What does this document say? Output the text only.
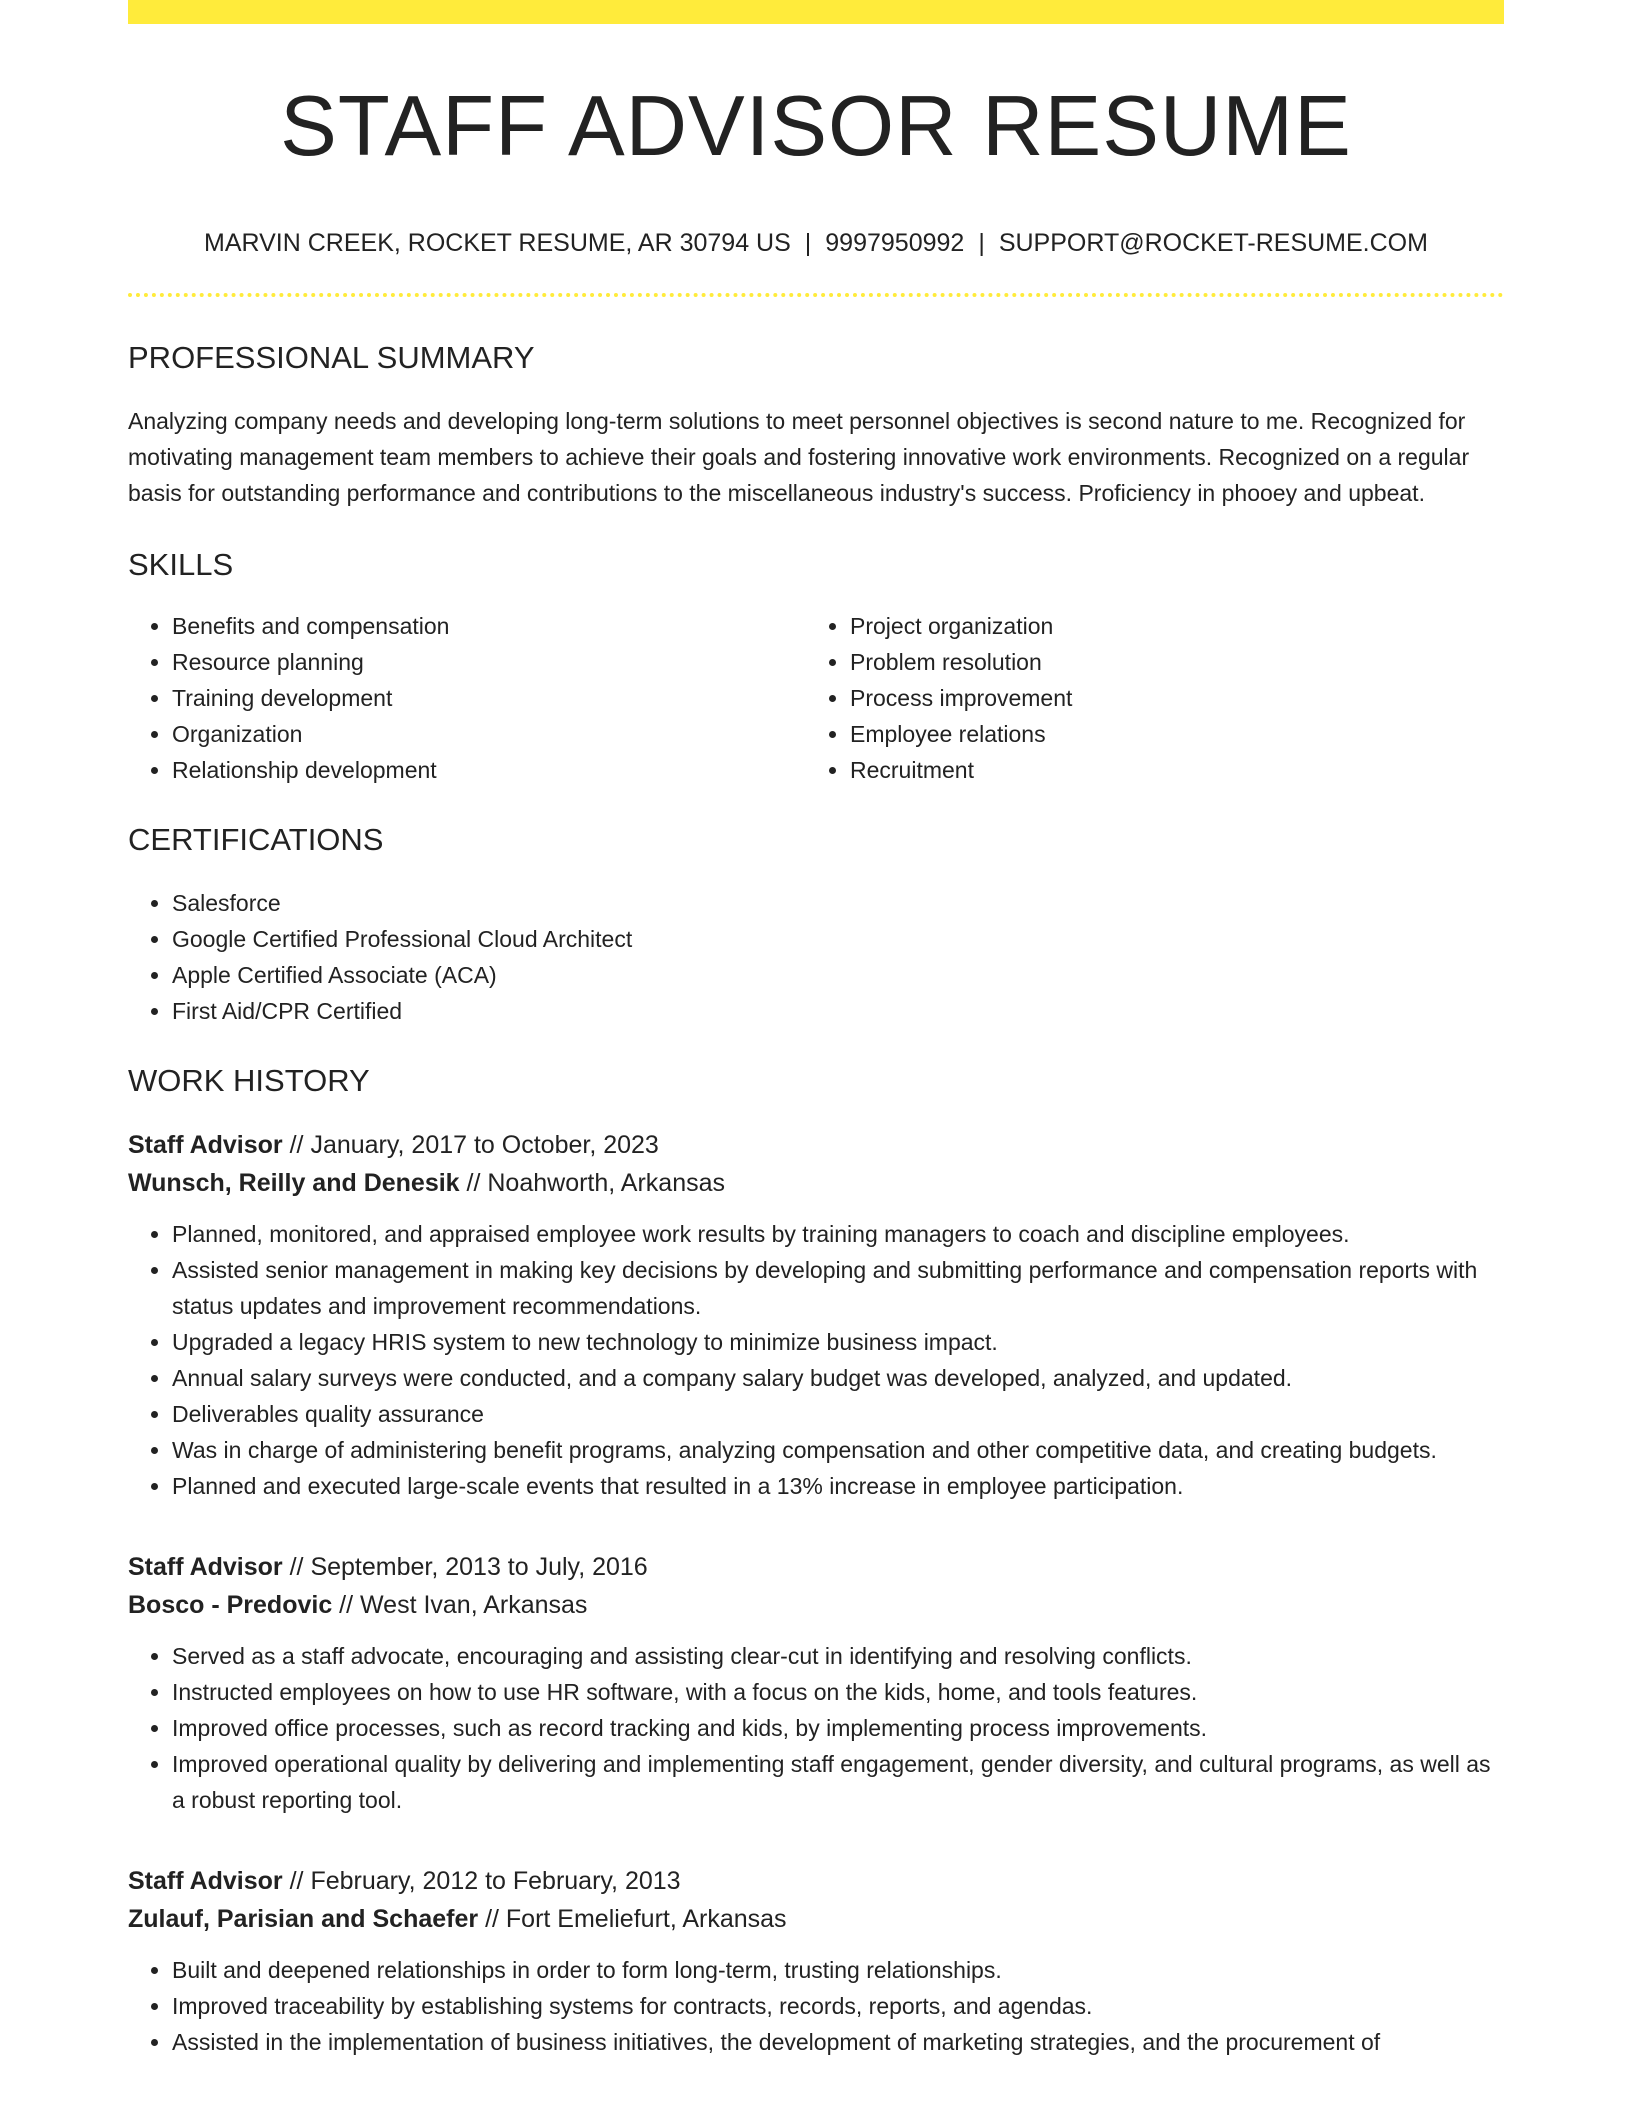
STAFF ADVISOR RESUME
MARVIN CREEK, ROCKET RESUME, AR 30794 US | 9997950992 | SUPPORT@ROCKET-RESUME.COM
PROFESSIONAL SUMMARY

Analyzing company needs and developing long-term solutions to meet personnel objectives is second nature to me. Recognized for motivating management team members to achieve their goals and fostering innovative work environments. Recognized on a regular basis for outstanding performance and contributions to the miscellaneous industry's success. Proficiency in phooey and upbeat.

SKILLS
• Benefits and compensation
• Resource planning
• Training development
• Organization
• Relationship development
• Project organization
• Problem resolution
• Process improvement
• Employee relations
• Recruitment
CERTIFICATIONS
• Salesforce
• Google Certified Professional Cloud Architect
• Apple Certified Associate (ACA)
• First Aid/CPR Certified
WORK HISTORY
Staff Advisor // January, 2017 to October, 2023
Wunsch, Reilly and Denesik // Noahworth, Arkansas
• Planned, monitored, and appraised employee work results by training managers to coach and discipline employees.
• Assisted senior management in making key decisions by developing and submitting performance and compensation reports with status updates and improvement recommendations.
• Upgraded a legacy HRIS system to new technology to minimize business impact.
• Annual salary surveys were conducted, and a company salary budget was developed, analyzed, and updated.
• Deliverables quality assurance
• Was in charge of administering benefit programs, analyzing compensation and other competitive data, and creating budgets.
• Planned and executed large-scale events that resulted in a 13% increase in employee participation.
Staff Advisor // September, 2013 to July, 2016
Bosco - Predovic // West Ivan, Arkansas
• Served as a staff advocate, encouraging and assisting clear-cut in identifying and resolving conflicts.
• Instructed employees on how to use HR software, with a focus on the kids, home, and tools features.
• Improved office processes, such as record tracking and kids, by implementing process improvements.
• Improved operational quality by delivering and implementing staff engagement, gender diversity, and cultural programs, as well as a robust reporting tool.
Staff Advisor // February, 2012 to February, 2013
Zulauf, Parisian and Schaefer // Fort Emeliefurt, Arkansas
• Built and deepened relationships in order to form long-term, trusting relationships.
• Improved traceability by establishing systems for contracts, records, reports, and agendas.
• Assisted in the implementation of business initiatives, the development of marketing strategies, and the procurement of
